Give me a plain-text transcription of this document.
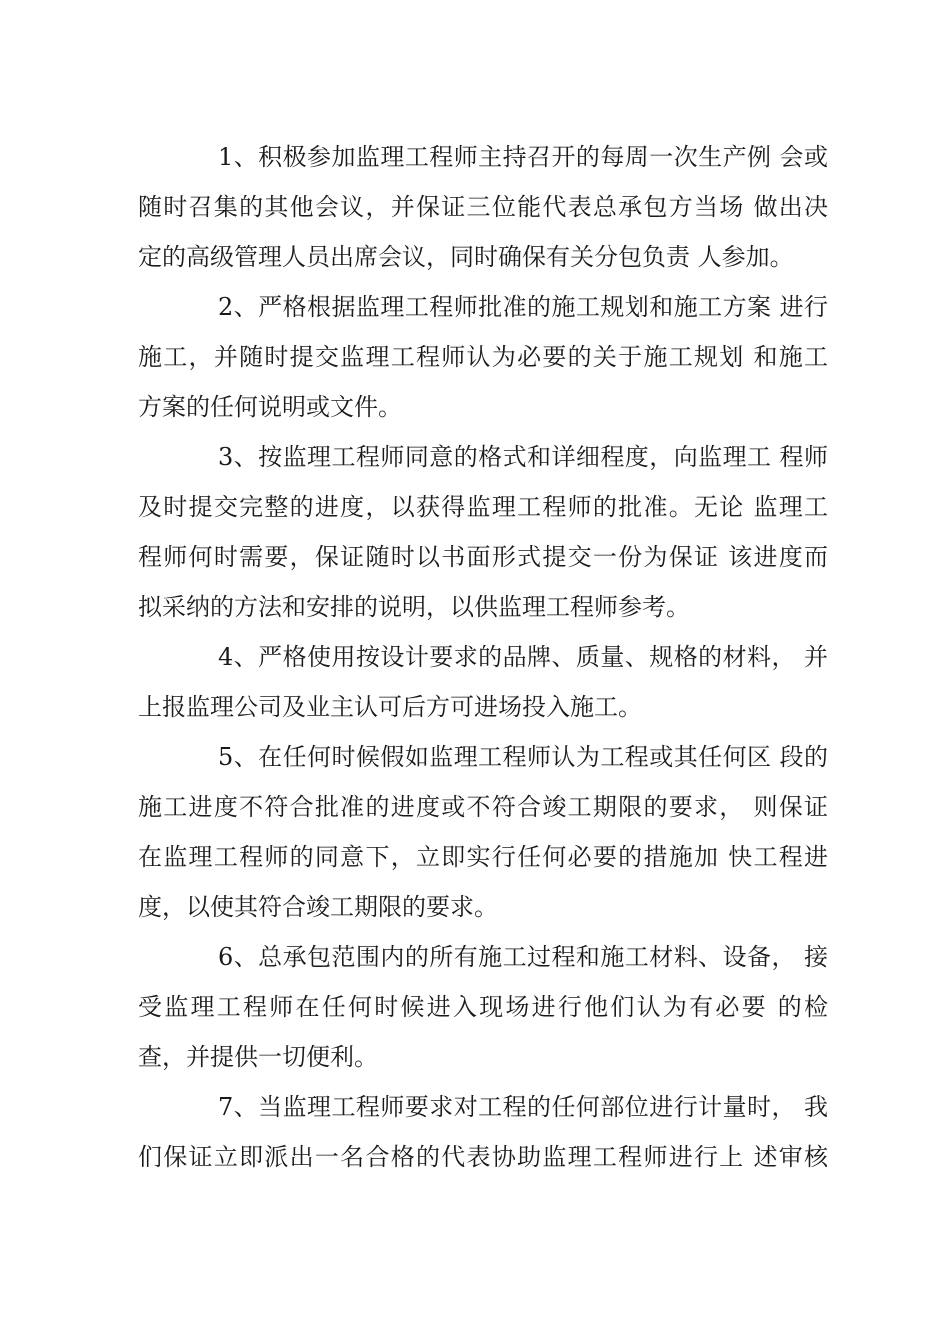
1、积极参加监理工程师主持召开的每周一次生产例 会或
随时召集的其他会议，并保证三位能代表总承包方当场 做出决
定的高级管理人员出席会议，同时确保有关分包负责 人参加。

2、严格根据监理工程师批准的施工规划和施工方案 进行
施工，并随时提交监理工程师认为必要的关于施工规划 和施工
方案的任何说明或文件。

3、按监理工程师同意的格式和详细程度，向监理工 程师
及时提交完整的进度，以获得监理工程师的批准。无论 监理工
程师何时需要，保证随时以书面形式提交一份为保证 该进度而
拟采纳的方法和安排的说明，以供监理工程师参考。

4、严格使用按设计要求的品牌、质量、规格的材料， 并
上报监理公司及业主认可后方可进场投入施工。

5、在任何时候假如监理工程师认为工程或其任何区 段的
施工进度不符合批准的进度或不符合竣工期限的要求， 则保证
在监理工程师的同意下，立即实行任何必要的措施加 快工程进
度，以使其符合竣工期限的要求。

6、总承包范围内的所有施工过程和施工材料、设备， 接
受监理工程师在任何时候进入现场进行他们认为有必要 的检
查，并提供一切便利。

7、当监理工程师要求对工程的任何部位进行计量时， 我
们保证立即派出一名合格的代表协助监理工程师进行上 述审核
